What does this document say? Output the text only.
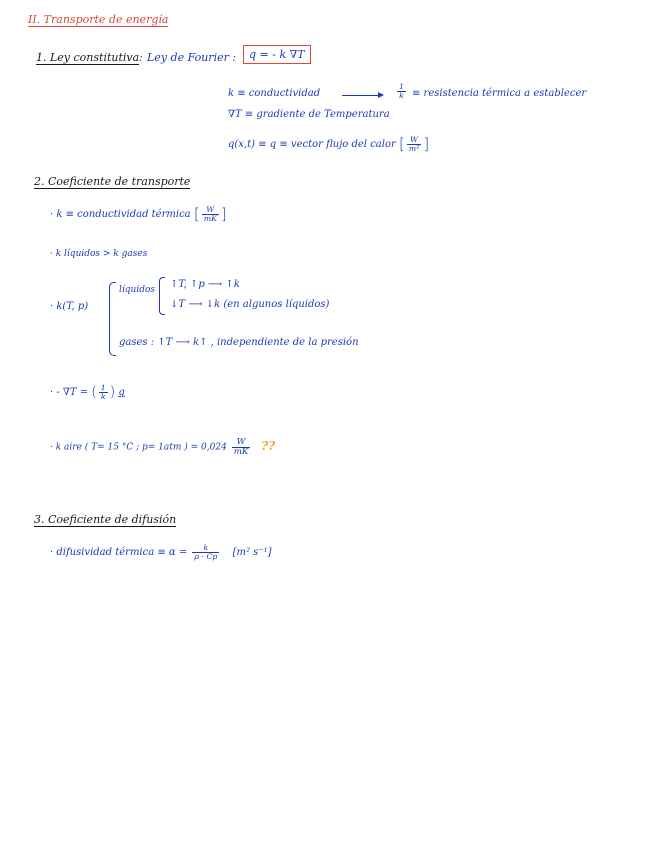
II. Transporte de energía
1. Ley constitutiva : Ley de Fourier :	q = - k ∇T
k ≡ conductividad	$\frac{1}{k}$ ≡ resistencia térmica a establecer
∇T ≡ gradiente de Temperatura
q(x,t) ≡ q ≡ vector flujo del calor [ $\frac{W}{\text{m²}}$ ]
2. Coeficiente de transporte
· k ≡ conductividad térmica [ $\frac{W}{mK}$ ]
· k líquidos > k gases
· k(T, p)
líquidos ↑T, ↑p ⟶ ↑k
↓T ⟶ ↓k (en algunos líquidos)
gases : ↑T ⟶ k↑ , independiente de la presión
· - ∇T = ( $\frac{1}{k}$ ) q
· k aire ( T= 15 °C ; p= 1atm ) = $0,024 \frac{W}{mK}$ ??
3. Coeficiente de difusión
· difusividad térmica ≡ $\alpha = \frac{k}{\rho \cdot Cp} [m^2$ s⁻¹]
